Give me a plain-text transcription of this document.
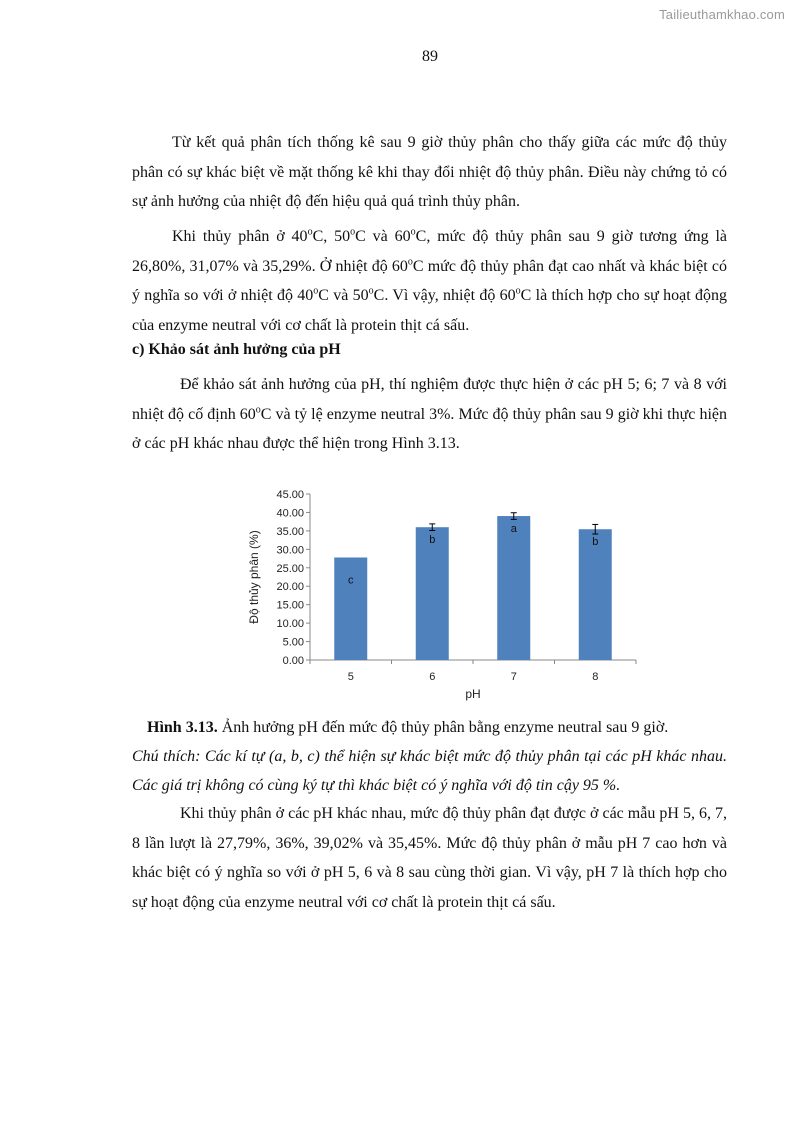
Tailieuthamkhao.com
89

Từ kết quả phân tích thống kê sau 9 giờ thủy phân cho thấy giữa các mức độ thủy phân có sự khác biệt về mặt thống kê khi thay đổi nhiệt độ thủy phân. Điều này chứng tỏ có sự ảnh hưởng của nhiệt độ đến hiệu quả quá trình thủy phân.

Khi thủy phân ở 40$^o$C, 50$^o$C và 60$^o$C, mức độ thủy phân sau 9 giờ tương ứng là 26,80%, 31,07% và 35,29%. Ở nhiệt độ 60$^o$C mức độ thủy phân đạt cao nhất và khác biệt có ý nghĩa so với ở nhiệt độ 40$^o$C và 50$^o$C. Vì vậy, nhiệt độ 60$^o$C là thích hợp cho sự hoạt động của enzyme neutral với cơ chất là protein thịt cá sấu.

c) Khảo sát ảnh hưởng của pH

Để khảo sát ảnh hưởng của pH, thí nghiệm được thực hiện ở các pH 5; 6; 7 và 8 với nhiệt độ cố định 60$^o$C và tỷ lệ enzyme neutral 3%. Mức độ thủy phân sau 9 giờ khi thực hiện ở các pH khác nhau được thể hiện trong Hình 3.13.

0.00
5.00
10.00
15.00
20.00
25.00
30.00
35.00
40.00
45.00
c
5
b
6
a
7
b
8
pH
Độ thủy phân (%)

Hình 3.13. Ảnh hưởng pH đến mức độ thủy phân bằng enzyme neutral sau 9 giờ.
Chú thích: Các kí tự (a, b, c) thể hiện sự khác biệt mức độ thủy phân tại các pH khác nhau. Các giá trị không có cùng ký tự thì khác biệt có ý nghĩa với độ tin cậy 95 %.

Khi thủy phân ở các pH khác nhau, mức độ thủy phân đạt được ở các mẫu pH 5, 6, 7, 8 lần lượt là 27,79%, 36%, 39,02% và 35,45%. Mức độ thủy phân ở mẫu pH 7 cao hơn và khác biệt có ý nghĩa so với ở pH 5, 6 và 8 sau cùng thời gian. Vì vậy, pH 7 là thích hợp cho sự hoạt động của enzyme neutral với cơ chất là protein thịt cá sấu.
